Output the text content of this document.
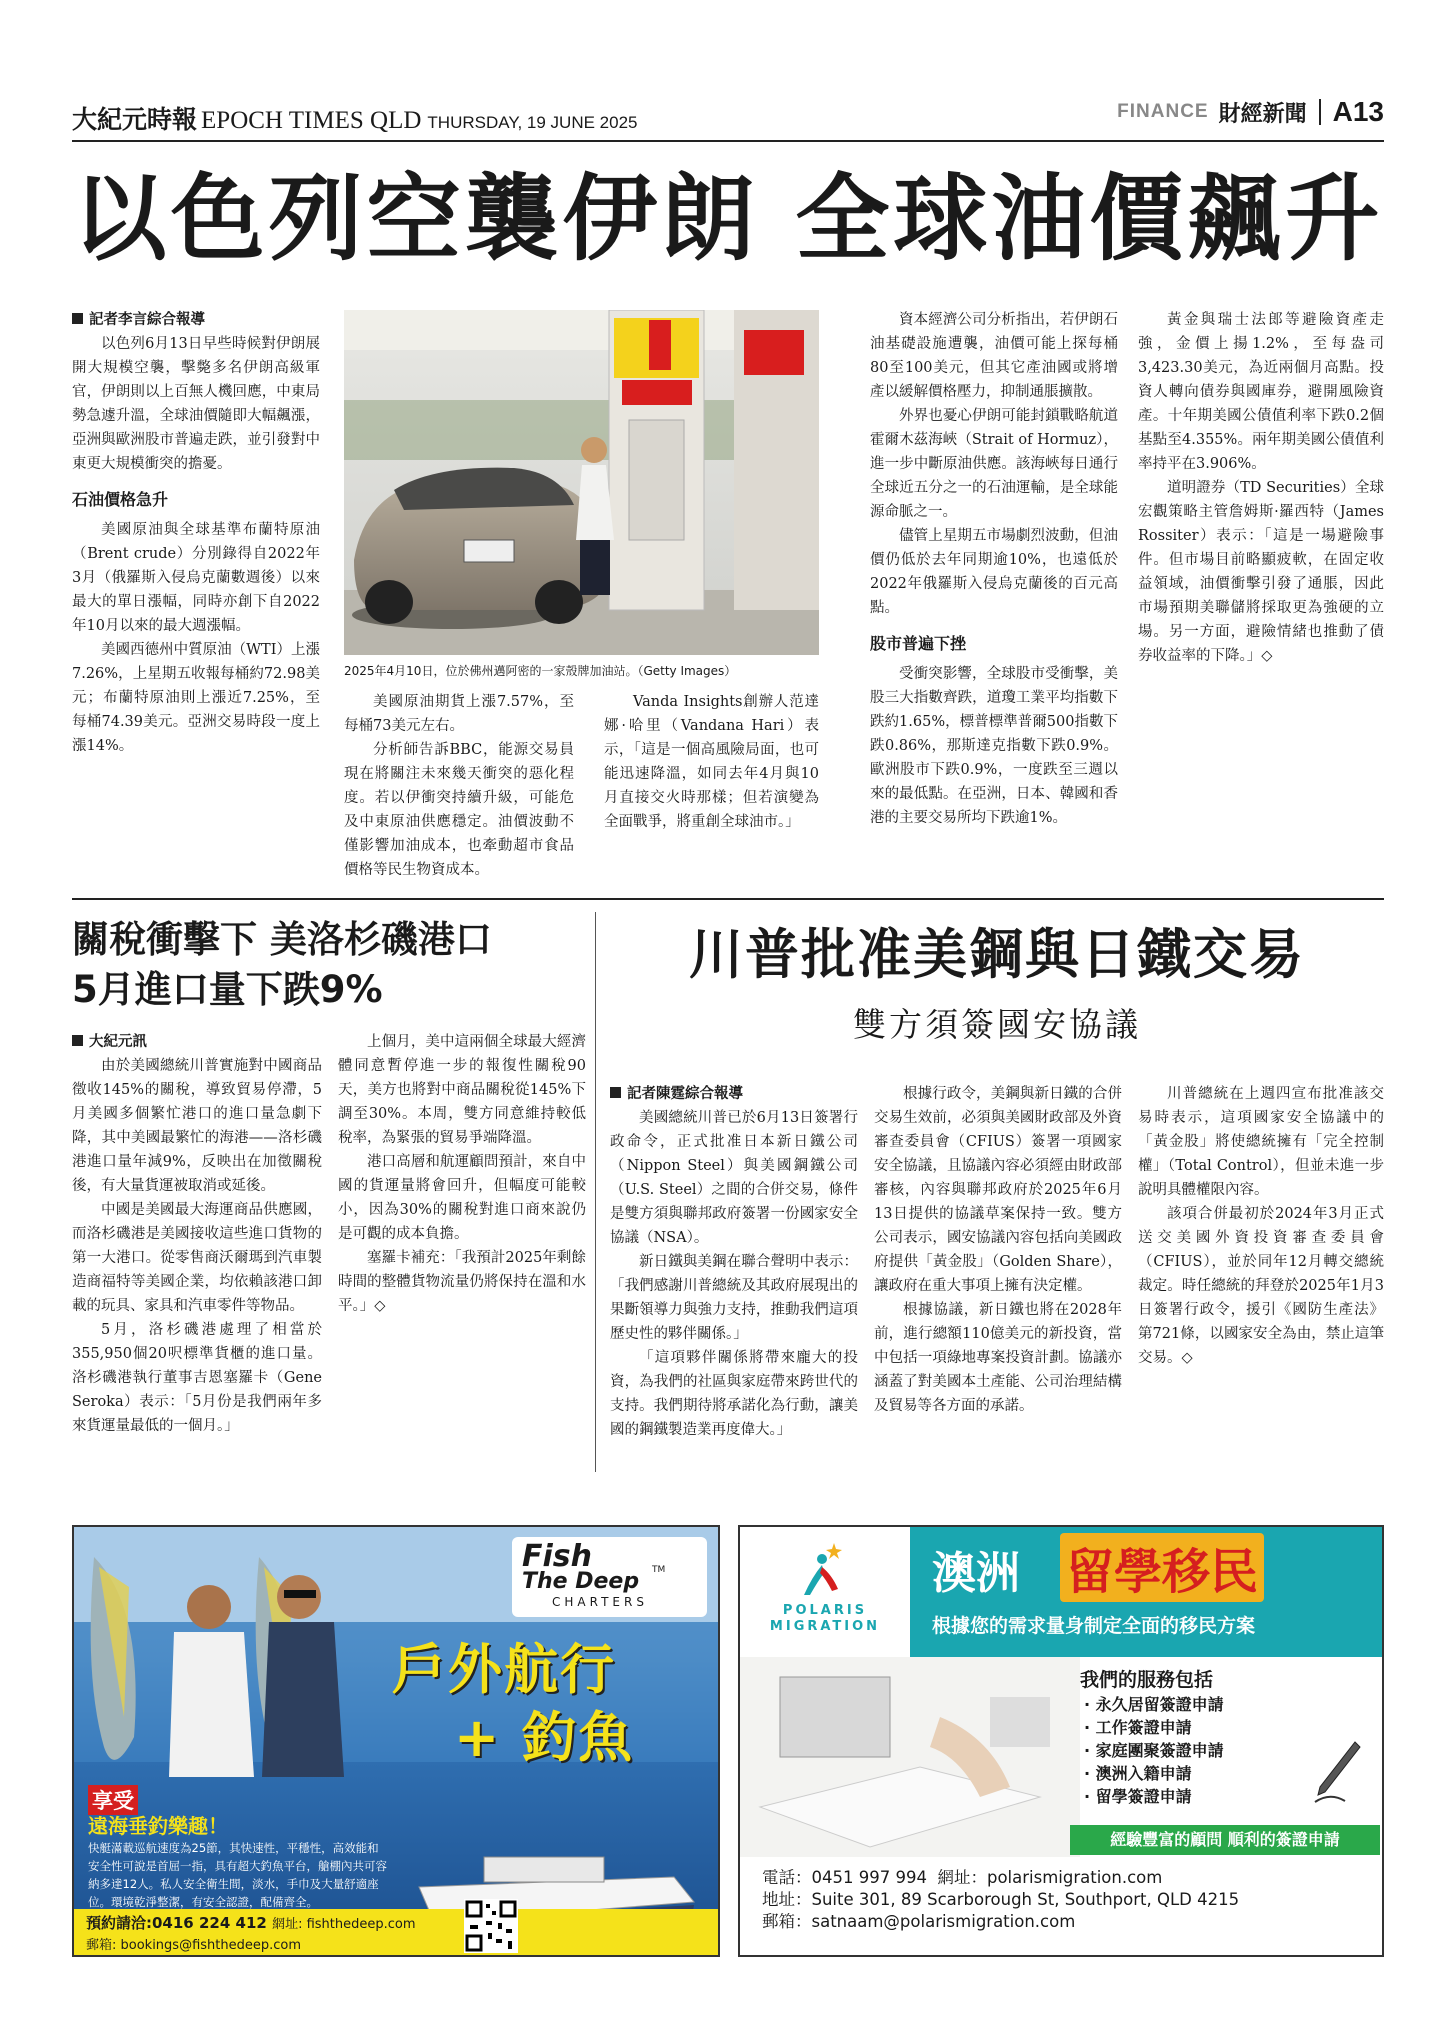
大紀元時報 EPOCH TIMES QLD THURSDAY, 19 JUNE 2025
FINANCE 財經新聞 A13
以色列空襲伊朗 全球油價飆升
記者李言綜合報導

以色列6月13日早些時候對伊朗展開大規模空襲，擊斃多名伊朗高級軍官，伊朗則以上百無人機回應，中東局勢急遽升溫，全球油價隨即大幅飆漲，亞洲與歐洲股市普遍走跌，並引發對中東更大規模衝突的擔憂。

石油價格急升

美國原油與全球基準布蘭特原油（Brent crude）分別錄得自2022年3月（俄羅斯入侵烏克蘭數週後）以來最大的單日漲幅，同時亦創下自2022年10月以來的最大週漲幅。

美國西德州中質原油（WTI）上漲7.26%，上星期五收報每桶約72.98美元；布蘭特原油則上漲近7.25%，至每桶74.39美元。亞洲交易時段一度上漲14%。

2025年4月10日，位於佛州邁阿密的一家殼牌加油站。（Getty Images）

美國原油期貨上漲7.57%，至每桶73美元左右。

分析師告訴BBC，能源交易員現在將關注未來幾天衝突的惡化程度。若以伊衝突持續升級，可能危及中東原油供應穩定。油價波動不僅影響加油成本，也牽動超市食品價格等民生物資成本。

Vanda Insights創辦人范達娜·哈里（Vandana Hari）表示，「這是一個高風險局面，也可能迅速降溫，如同去年4月與10月直接交火時那樣；但若演變為全面戰爭，將重創全球油市。」

資本經濟公司分析指出，若伊朗石油基礎設施遭襲，油價可能上探每桶80至100美元，但其它產油國或將增產以緩解價格壓力，抑制通脹擴散。

外界也憂心伊朗可能封鎖戰略航道霍爾木茲海峽（Strait of Hormuz），進一步中斷原油供應。該海峽每日通行全球近五分之一的石油運輸，是全球能源命脈之一。

儘管上星期五市場劇烈波動，但油價仍低於去年同期逾10%，也遠低於2022年俄羅斯入侵烏克蘭後的百元高點。

股市普遍下挫

受衝突影響，全球股市受衝擊，美股三大指數齊跌，道瓊工業平均指數下跌約1.65%，標普標準普爾500指數下跌0.86%，那斯達克指數下跌0.9%。歐洲股市下跌0.9%，一度跌至三週以來的最低點。在亞洲，日本、韓國和香港的主要交易所均下跌逾1%。

黃金與瑞士法郎等避險資產走強，金價上揚1.2%，至每盎司3,423.30美元，為近兩個月高點。投資人轉向債券與國庫券，避開風險資產。十年期美國公債值利率下跌0.2個基點至4.355%。兩年期美國公債值利率持平在3.906%。

道明證券（TD Securities）全球宏觀策略主管詹姆斯·羅西特（James Rossiter）表示：「這是一場避險事件。但市場目前略顯疲軟，在固定收益領域，油價衝擊引發了通脹，因此市場預期美聯儲將採取更為強硬的立場。另一方面，避險情緒也推動了債券收益率的下降。」◇

關稅衝擊下 美洛杉磯港口
5月進口量下跌9%
大紀元訊

由於美國總統川普實施對中國商品徵收145%的關稅，導致貿易停滯，5月美國多個繁忙港口的進口量急劇下降，其中美國最繁忙的海港——洛杉磯港進口量年減9%，反映出在加徵關稅後，有大量貨運被取消或延後。

中國是美國最大海運商品供應國，而洛杉磯港是美國接收這些進口貨物的第一大港口。從零售商沃爾瑪到汽車製造商福特等美國企業，均依賴該港口卸載的玩具、家具和汽車零件等物品。

5月，洛杉磯港處理了相當於355,950個20呎標準貨櫃的進口量。洛杉磯港執行董事吉恩塞羅卡（Gene Seroka）表示：「5月份是我們兩年多來貨運量最低的一個月。」

上個月，美中這兩個全球最大經濟體同意暫停進一步的報復性關稅90天，美方也將對中商品關稅從145%下調至30%。本周，雙方同意維持較低稅率，為緊張的貿易爭端降溫。

港口高層和航運顧問預計，來自中國的貨運量將會回升，但幅度可能較小，因為30%的關稅對進口商來說仍是可觀的成本負擔。

塞羅卡補充：「我預計2025年剩餘時間的整體貨物流量仍將保持在溫和水平。」◇

川普批准美鋼與日鐵交易
雙方須簽國安協議
記者陳霆綜合報導

美國總統川普已於6月13日簽署行政命令，正式批准日本新日鐵公司（Nippon Steel）與美國鋼鐵公司（U.S. Steel）之間的合併交易，條件是雙方須與聯邦政府簽署一份國家安全協議（NSA）。

新日鐵與美鋼在聯合聲明中表示：「我們感謝川普總統及其政府展現出的果斷領導力與強力支持，推動我們這項歷史性的夥伴關係。」

「這項夥伴關係將帶來龐大的投資，為我們的社區與家庭帶來跨世代的支持。我們期待將承諾化為行動，讓美國的鋼鐵製造業再度偉大。」

根據行政令，美鋼與新日鐵的合併交易生效前，必須與美國財政部及外資審查委員會（CFIUS）簽署一項國家安全協議，且協議內容必須經由財政部審核，內容與聯邦政府於2025年6月13日提供的協議草案保持一致。雙方公司表示，國安協議內容包括向美國政府提供「黃金股」（Golden Share），讓政府在重大事項上擁有決定權。

根據協議，新日鐵也將在2028年前，進行總額110億美元的新投資，當中包括一項綠地專案投資計劃。協議亦涵蓋了對美國本土產能、公司治理結構及貿易等各方面的承諾。

川普總統在上週四宣布批准該交易時表示，這項國家安全協議中的「黃金股」將使總統擁有「完全控制權」（Total Control），但並未進一步說明具體權限內容。

該項合併最初於2024年3月正式送交美國外資投資審查委員會（CFIUS），並於同年12月轉交總統裁定。時任總統的拜登於2025年1月3日簽署行政令，援引《國防生產法》第721條，以國家安全為由，禁止這筆交易。◇

Fish
The Deep TM
CHARTERS
戶外航行
+ 釣魚
享受
遠海垂釣樂趣！
快艇滿載巡航速度為25節，其快速性，平穩性，高效能和安全性可說是首屈一指，具有超大釣魚平台，艙棚內共可容納多達12人。私人安全衛生間，淡水，手巾及大量舒適座位。環境乾淨整潔，有安全認證，配備齊全。
預約請洽:0416 224 412 網址: fishthedeep.com
郵箱: bookings@fishthedeep.com
POLARIS
MIGRATION
澳洲 留學移民
根據您的需求量身制定全面的移民方案
我們的服務包括
· 永久居留簽證申請
· 工作簽證申請
· 家庭團聚簽證申請
· 澳洲入籍申請
· 留學簽證申請
經驗豐富的顧問 順利的簽證申請
電話：0451 997 994 網址：polarismigration.com
地址：Suite 301, 89 Scarborough St, Southport, QLD 4215
郵箱：satnaam@polarismigration.com
